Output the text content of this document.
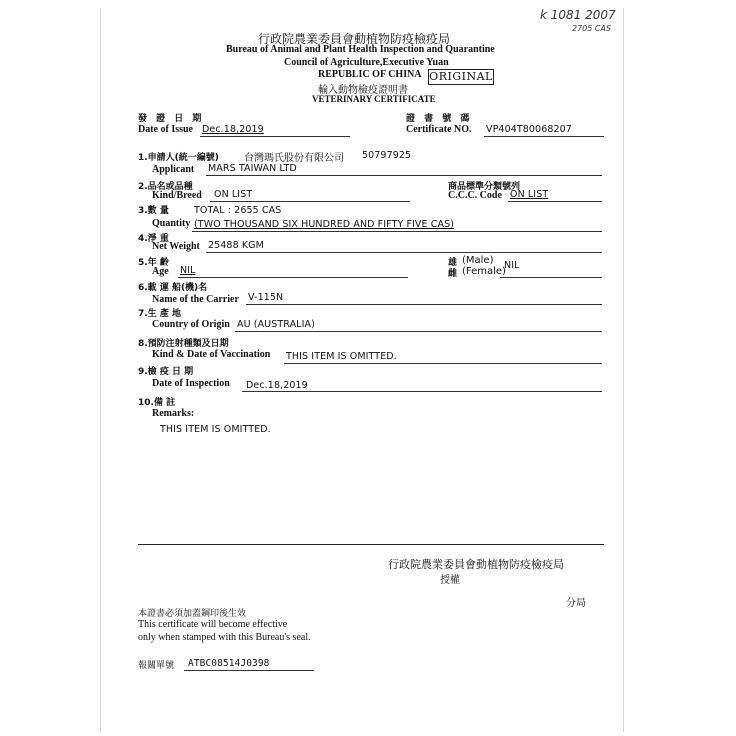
k 1081 2007
2705 CAS
行政院農業委員會動植物防疫檢疫局
Bureau of Animal and Plant Health Inspection and Quarantine
Council of Agriculture,Executive Yuan
REPUBLIC OF CHINA
輸入動物檢疫證明書
VETERINARY CERTIFICATE
ORIGINAL
發 證 日 期
Date of Issue Dec.18,2019
證 書 號 碼
Certificate NO. VP404T80068207
1.申請人(統一編號)	台灣瑪氏股份有限公司 50797925
Applicant MARS TAIWAN LTD
2.品名或品種
Kind/Breed ON LIST
商品標準分類號列
C.C.C. Code ON LIST
3.數 量	TOTAL : 2655 CAS
Quantity (TWO THOUSAND SIX HUNDRED AND FIFTY FIVE CAS)
4.淨 重
Net Weight 25488 KGM
5.年 齡
Age NIL
雄 (Male)
雌 (Female)
NIL
6.載 運 船(機)名
Name of the Carrier V-115N
7.生 產 地
Country of Origin AU (AUSTRALIA)
8.預防注射種類及日期
Kind & Date of Vaccination THIS ITEM IS OMITTED.
9.檢 疫 日 期
Date of Inspection Dec.18,2019
10.備 註
Remarks:
THIS ITEM IS OMITTED.
行政院農業委員會動植物防疫檢疫局
授權
分局
本證書必須加蓋鋼印後生效
This certificate will become effective
only when stamped with this Bureau's seal.
報關單號 ATBC08514J0398
